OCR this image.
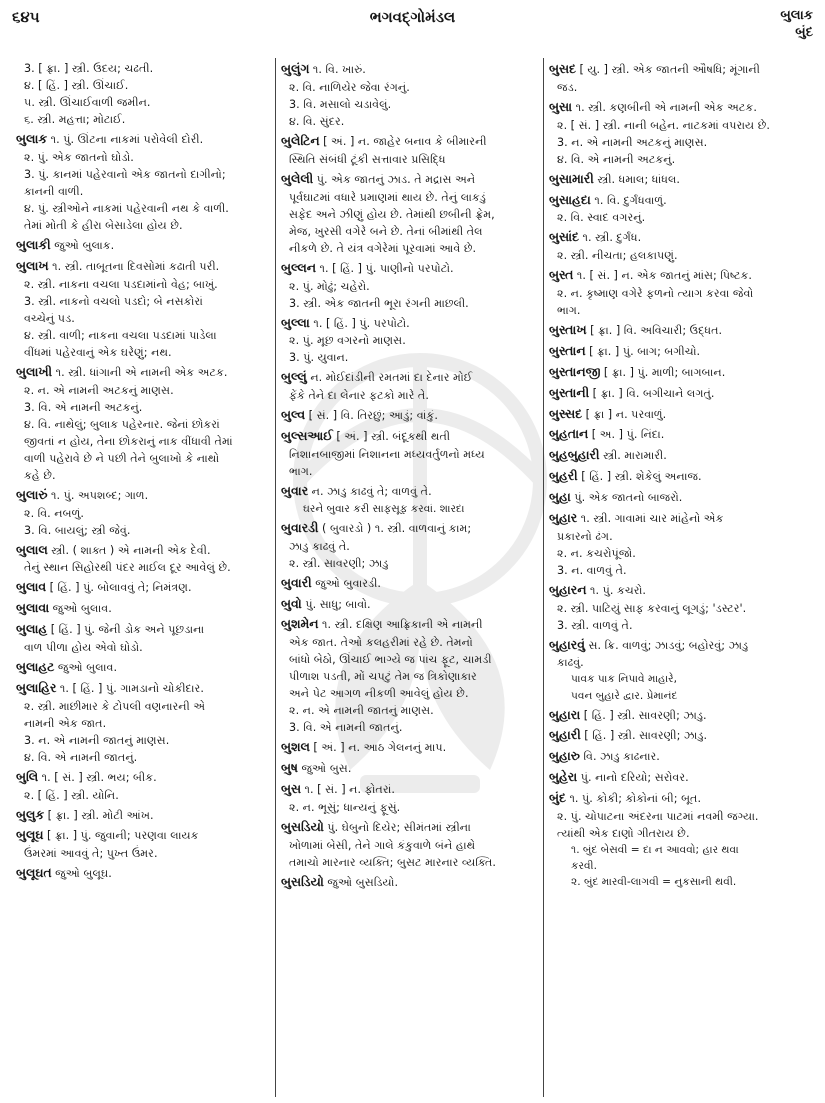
૬૪૫	ભગવદ્ગોમંડલ	બુલાક
બુંદ
3. [ ફ્રા. ] સ્ત્રી. ઉદય; ચઢતી.
૪. [ હિં. ] સ્ત્રી. ઊંચાઈ.
૫. સ્ત્રી. ઊંચાઈવાળી જમીન.
૬. સ્ત્રી. મહત્તા; મોટાઈ.
બુલાક ૧. પું. ઊંટના નાકમાં પરોવેલી દોરી.
૨. પું. એક જાતનો ઘોડો.
3. પું. કાનમાં પહેરવાનો એક જાતનો દાગીનો;
કાનની વાળી.
૪. પું. સ્ત્રીઓને નાકમાં પહેરવાની નથ કે વાળી.
તેમાં મોતી કે હીરા બેસાડેલા હોય છે.
બુલાકી જુઓ બુલાક.
બુલાખ ૧. સ્ત્રી. તાબૂતના દિવસોમાં કઢાતી પરી.
૨. સ્ત્રી. નાકના વચલા પડદામાંનો વેહ; બાખું.
3. સ્ત્રી. નાકનો વચલો પડદો; બે નસકોરાં
વચ્ચેનું પડ.
૪. સ્ત્રી. વાળી; નાકના વચલા પડદામાં પાડેલા
વીંધમાં પહેરવાનું એક ઘરેણું; નથ.
બુલાખી ૧. સ્ત્રી. ધાંગાની એ નામની એક અટક.
૨. ન. એ નામની અટકનું માણસ.
3. વિ. એ નામની અટકનું.
૪. વિ. નાથેલું; બુલાક પહેરનાર. જેનાં છોકરાં
જીવતાં ન હોય, તેના છોકરાનું નાક વીંધાવી તેમાં
વાળી પહેરાવે છે ને પછી તેને બુલાખો કે નાથો
કહે છે.
બુલારું ૧. પું. અપશબ્દ; ગાળ.
૨. વિ. નબળું.
3. વિ. બાયલું; સ્ત્રી જેવું.
બુલાલ સ્ત્રી. ( શાક્ત ) એ નામની એક દેવી.
તેનું સ્થાન સિહોરથી પંદર માઈલ દૂર આવેલું છે.
બુલાવ [ હિં. ] પું. બોલાવવું તે; નિમંત્રણ.
બુલાવા જુઓ બુલાવ.
બુલાહ [ હિં. ] પું. જેની ડોક અને પૂછડાના
વાળ પીળા હોય એવો ઘોડો.
બુલાહટ જુઓ બુલાવ.
બુલાહિર ૧. [ હિં. ] પું. ગામડાનો ચોકીદાર.
૨. સ્ત્રી. માછીમાર કે ટોપલી વણનારની એ
નામની એક જાત.
3. ન. એ નામની જાતનું માણસ.
૪. વિ. એ નામની જાતનું.
બુલિ ૧. [ સં. ] સ્ત્રી. ભય; બીક.
૨. [ હિં. ] સ્ત્રી. યોનિ.
બુલુક [ ફ્રા. ] સ્ત્રી. મોટી આંખ.
બુલૂઘ [ ફ્રા. ] પું. જુવાની; પરણવા લાયક
ઉંમરમાં આવવું તે; પુખ્ત ઉંમર.
બુલૂઘત જુઓ બુલૂઘ.
બુલુંગ ૧. વિ. ખારું.
૨. વિ. નાળિયેર જેવા રંગનું.
3. વિ. મસાલો ચડાવેલું.
૪. વિ. સુંદર.
બુલેટિન [ અં. ] ન. જાહેર બનાવ કે બીમારની
સ્થિતિ સંબંધી ટૂંકી સત્તાવાર પ્રસિદ્ધિ
બુલેલી પું. એક જાતનું ઝાડ. તે મદ્રાસ અને
પૂર્વઘાટમાં વધારે પ્રમાણમાં થાય છે. તેનું લાકડું
સફેદ અને ઝીણું હોય છે. તેમાંથી છબીની ફ્રેમ,
મેજ, ખુરસી વગેરે બને છે. તેનાં બીમાંથી તેલ
નીકળે છે. તે યંત્ર વગેરેમાં પૂરવામાં આવે છે.
બુલ્લન ૧. [ હિં. ] પું. પાણીનો પરપોટો.
૨. પું. મોઢું; ચહેરો.
3. સ્ત્રી. એક જાતની ભૂરા રંગની માછલી.
બુલ્લા ૧. [ હિં. ] પું. પરપોટો.
૨. પું. મૂછ વગરનો માણસ.
3. પું. યુવાન.
બુલ્લું ન. મોઈદાંડીની રમતમાં દા દેનાર મોઈ
ફેંકે તેને દા લેનાર ફટકો મારે તે.
બુલ્વ [ સં. ] વિ. તિરછું; આડું; વાંકું.
બુલ્સઆઈ [ અં. ] સ્ત્રી. બંદૂકથી થતી
નિશાનબાજીમાં નિશાનના મધ્યવર્તુળનો મધ્ય
ભાગ.
બુવાર ન. ઝાડુ કાઢવું તે; વાળવું તે.
ઘરને બુવાર કરી સાફસૂફ કરવાં. શારદા
બુવારડી ( બુવારડો ) ૧. સ્ત્રી. વાળવાનું કામ;
ઝાડુ કાઢવું તે.
૨. સ્ત્રી. સાવરણી; ઝાડુ
બુવારી જુઓ બુવારડી.
બુવો પું. સાધુ; બાવો.
બુશમેન ૧. સ્ત્રી. દક્ષિણ આફ્રિકાની એ નામની
એક જાત. તેઓ કલહરીમાં રહે છે. તેમનો
બાંધો બેઠો, ઊંચાઈ ભાગ્યે જ પાંચ ફૂટ, ચામડી
પીળાશ પડતી, મોં ચપટું તેમ જ ત્રિકોણાકાર
અને પેટ આગળ નીકળી આવેલું હોય છે.
૨. ન. એ નામની જાતનું માણસ.
3. વિ. એ નામની જાતનું.
બુશલ [ અં. ] ન. આઠ ગેલનનું માપ.
બુષ જુઓ બુસ.
બુસ ૧. [ સં. ] ન. ફોતરાં.
૨. ન. ભૂસું; ધાન્યનું ફૂસું.
બુસડિયો પું. ઘેબુનો દિયેર; સીમંતમાં સ્ત્રીના
ખોળામાં બેસી, તેને ગાલે કંકુવાળે બંને હાથે
તમાચો મારનાર વ્યક્તિ; બુસટ મારનાર વ્યક્તિ.
બુસડિયો જુઓ બુસડિયો.
બુસદ [ યુ. ] સ્ત્રી. એક જાતની ઔષધિ; મૂંગાની
જડ.
બુસા ૧. સ્ત્રી. કણબીની એ નામની એક અટક.
૨. [ સં. ] સ્ત્રી. નાની બહેન. નાટકમાં વપરાય છે.
3. ન. એ નામની અટકનું માણસ.
૪. વિ. એ નામની અટકનું.
બુસામારી સ્ત્રી. ધમાલ; ધાંધલ.
બુસાહદા ૧. વિ. દુર્ગંધવાળું.
૨. વિ. સ્વાદ વગરનું.
બુસાંદ ૧. સ્ત્રી. દુર્ગંધ.
૨. સ્ત્રી. નીચતા; હલકાપણું.
બુસ્ત ૧. [ સં. ] ન. એક જાતનું માંસ; પિષ્ટક.
૨. ન. કૃષ્માણ વગેરે ફળનો ત્યાગ કરવા જેવો
ભાગ.
બુસ્તાખ [ ફ્રા. ] વિ. અવિચારી; ઉદ્ધત.
બુસ્તાન [ ફ્રા. ] પું. બાગ; બગીચો.
બુસ્તાનજી [ ફ્રા. ] પું. માળી; બાગબાન.
બુસ્તાની [ ફ્રા. ] વિ. બગીચાને લગતું.
બુસ્સદ [ ફ્રા ] ન. પરવાળું.
બુહતાન [ અ. ] પું. નિંદા.
બુહબુહારી સ્ત્રી. મારામારી.
બુહરી [ હિં. ] સ્ત્રી. શેકેલું અનાજ.
બુહા પું. એક જાતનો બાજરો.
બુહાર ૧. સ્ત્રી. ગાવામાં ચાર માંહેનો એક
પ્રકારનો ઢંગ.
૨. ન. કચરોપૂંજો.
3. ન. વાળવું તે.
બુહારન ૧. પું. કચરો.
૨. સ્ત્રી. પાટિયું સાફ કરવાનું લૂગડું; 'ડસ્ટર'.
3. સ્ત્રી. વાળવું તે.
બુહારવું સ. ક્રિ. વાળવું; ઝાડવું; બહોરવું; ઝાડુ
કાઢવું.
પાવક પાક નિપાવે માહારે,
પવન બુહારે દ્વાર. પ્રેમાનંદ
બુહારા [ હિં. ] સ્ત્રી. સાવરણી; ઝાડુ.
બુહારી [ હિં. ] સ્ત્રી. સાવરણી; ઝાડુ.
બુહારુ વિ. ઝાડુ કાઢનાર.
બુહેરા પું. નાનો દરિયો; સરોવર.
બુંદ ૧. પું. કોકી; કોકોનાં બી; બૂત.
૨. પું. ચોપાટના અંદરના પાટમાં નવમી જગ્યા.
ત્યાંથી એક દાણો ગીતરાય છે.
૧. બુંદ બેસવી = દા ન આવવો; હાર થવા
કરવી.
૨. બુંદ મારવી-લાગવી = નુકસાની થવી.
